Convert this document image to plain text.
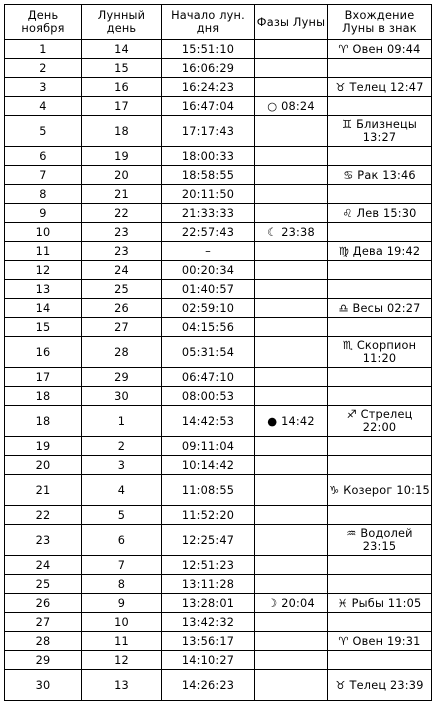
День ноября	Лунный день	Начало лун. дня	Фазы Луны	Вхождение Луны в знак
1	14	15:51:10		♈ Овен 09:44
2	15	16:06:29		
3	16	16:24:23		♉ Телец 12:47
4	17	16:47:04	○ 08:24	
5	18	17:17:43		♊ Близнецы 13:27
6	19	18:00:33		
7	20	18:58:55		♋ Рак 13:46
8	21	20:11:50		
9	22	21:33:33		♌ Лев 15:30
10	23	22:57:43	☾ 23:38	
11	23	–		♍ Дева 19:42
12	24	00:20:34		
13	25	01:40:57		
14	26	02:59:10		♎ Весы 02:27
15	27	04:15:56		
16	28	05:31:54		♏ Скорпион 11:20
17	29	06:47:10		
18	30	08:00:53		
18	1	14:42:53	● 14:42	♐ Стрелец 22:00
19	2	09:11:04		
20	3	10:14:42		
21	4	11:08:55		♑ Козерог 10:15
22	5	11:52:20		
23	6	12:25:47		♒ Водолей 23:15
24	7	12:51:23		
25	8	13:11:28		
26	9	13:28:01	☽ 20:04	♓ Рыбы 11:05
27	10	13:42:32		
28	11	13:56:17		♈ Овен 19:31
29	12	14:10:27		
30	13	14:26:23		♉ Телец 23:39
